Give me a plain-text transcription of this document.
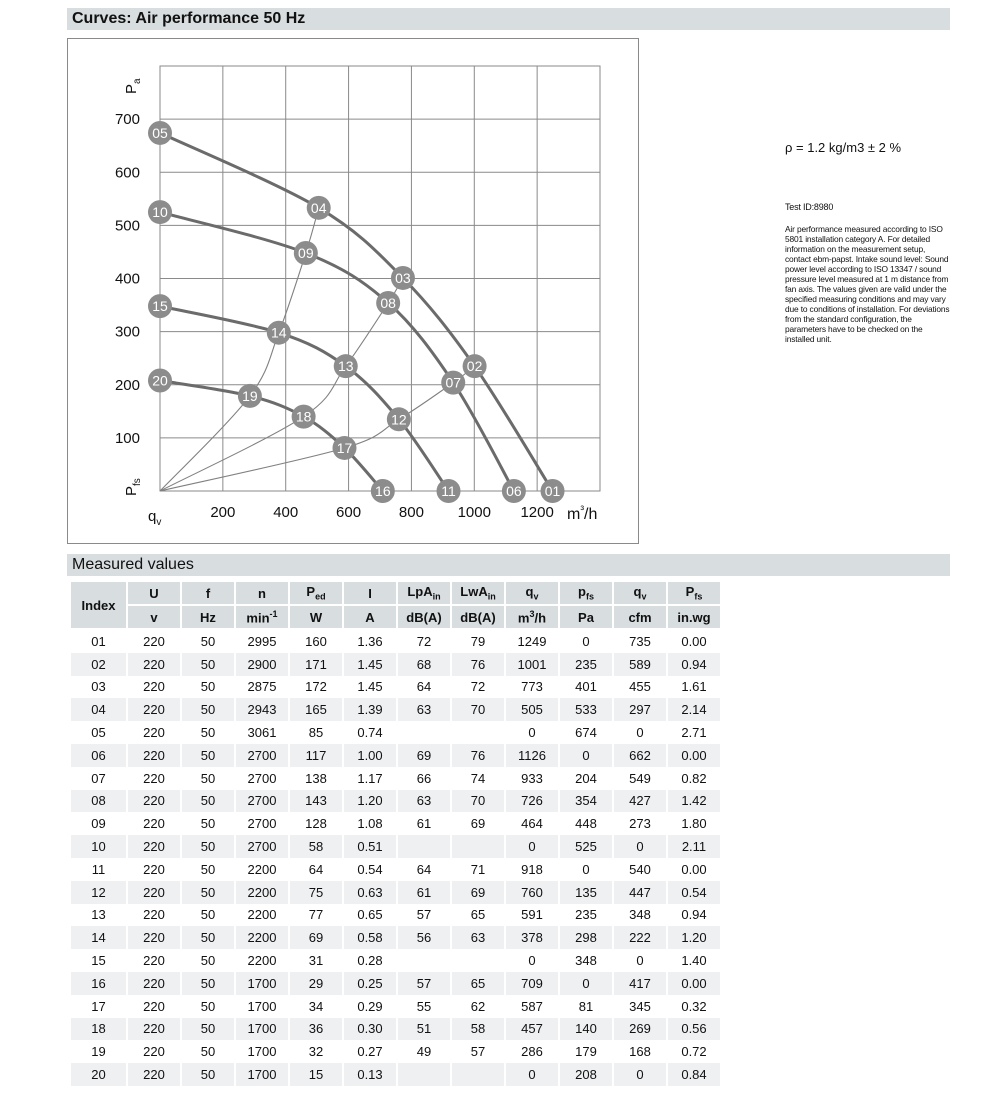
Curves: Air performance 50 Hz
200	400	600	800 1000 1200
100
200
300
400
500
600
700
$m^{^3}/h$
$q_v$
$P_a$
$P_{fs}$
01
02
03
04
05
06
07
08
09
10
11
12
13
14
15
16
17
18
19
20
ρ = 1.2 kg/m3 ± 2 %
Test ID:8980
Air performance measured according to ISO 5801 installation category A. For detailed information on the measurement setup, contact ebm-papst. Intake sound level: Sound power level according to ISO 13347 / sound pressure level measured at 1 m distance from fan axis. The values given are valid under the specified measuring conditions and may vary due to conditions of installation. For deviations from the standard configuration, the parameters have to be checked on the installed unit.
Measured values
Index	U	f	n	$P_{ed}$	I	LpA$_{in}$	LwA$_{in}$	$q_v$	$p_{fs}$	$q_v$	$P_{fs}$
	v	Hz	$\min^{-1}$	W	A	dB(A)	dB(A)	$m^3/h$	Pa	cfm	in.wg
01	220	50	2995	160	1.36	72	79	1249	0	735	0.00
02	220	50	2900	171	1.45	68	76	1001	235	589	0.94
03	220	50	2875	172	1.45	64	72	773	401	455	1.61
04	220	50	2943	165	1.39	63	70	505	533	297	2.14
05	220	50	3061	85	0.74			0	674	0	2.71
06	220	50	2700	117	1.00	69	76	1126	0	662	0.00
07	220	50	2700	138	1.17	66	74	933	204	549	0.82
08	220	50	2700	143	1.20	63	70	726	354	427	1.42
09	220	50	2700	128	1.08	61	69	464	448	273	1.80
10	220	50	2700	58	0.51			0	525	0	2.11
11	220	50	2200	64	0.54	64	71	918	0	540	0.00
12	220	50	2200	75	0.63	61	69	760	135	447	0.54
13	220	50	2200	77	0.65	57	65	591	235	348	0.94
14	220	50	2200	69	0.58	56	63	378	298	222	1.20
15	220	50	2200	31	0.28			0	348	0	1.40
16	220	50	1700	29	0.25	57	65	709	0	417	0.00
17	220	50	1700	34	0.29	55	62	587	81	345	0.32
18	220	50	1700	36	0.30	51	58	457	140	269	0.56
19	220	50	1700	32	0.27	49	57	286	179	168	0.72
20	220	50	1700	15	0.13			0	208	0	0.84
